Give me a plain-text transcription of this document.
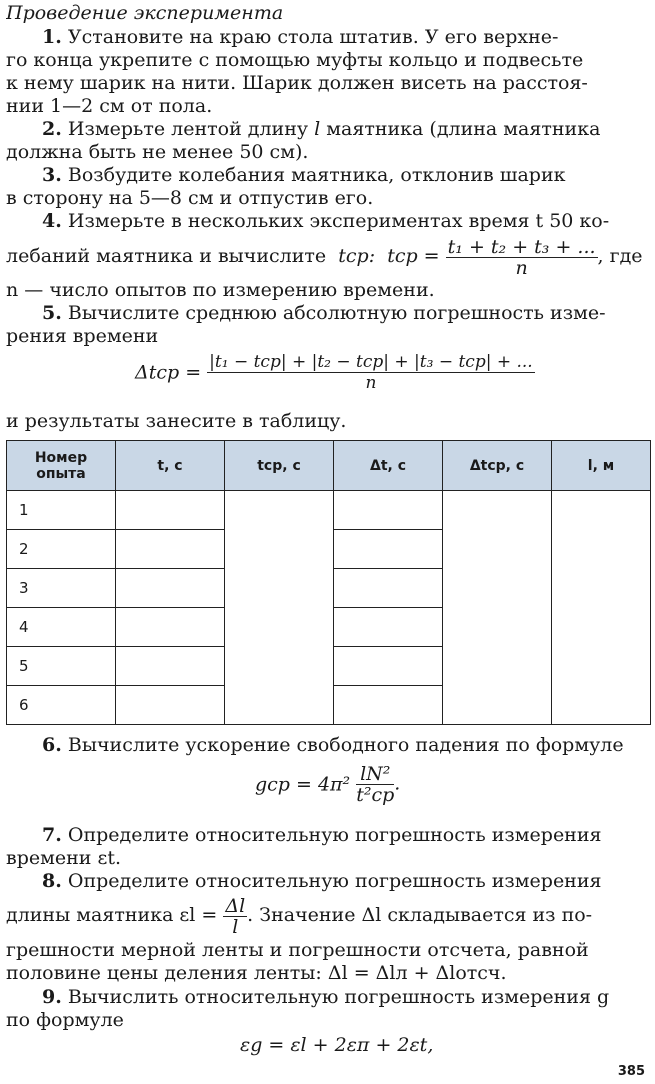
Проведение эксперимента
1. Установите на краю стола штатив. У его верхне-
го конца укрепите с помощью муфты кольцо и подвесьте
к нему шарик на нити. Шарик должен висеть на расстоя-
нии 1—2 см от пола.
2. Измерьте лентой длину l маятника (длина маятника
должна быть не менее 50 см).
3. Возбудите колебания маятника, отклонив шарик
в сторону на 5—8 см и отпустив его.
4. Измерьте в нескольких экспериментах время t 50 ко-
лебаний маятника и вычислите tср: tср = $\frac{\text{t₁ + t₂ + t₃ + ...}}{n}$ , где
n — число опытов по измерению времени.
5. Вычислите среднюю абсолютную погрешность изме-
рения времени
$\Delta tср = \frac{\text{|t₁ − tср| + |t₂ − tср| + |t₃ − tср| + ...}}{n}$
и результаты занесите в таблицу.
Номер опыта	t, с	tср, с	Δt, с	Δtср, с	l, м
1					
2					
3					
4					
5					
6					
6. Вычислите ускорение свободного падения по формуле
gср = $4\pi^2 \frac{\text{lN²}}{\text{t²ср}}$ .
7. Определите относительную погрешность измерения
времени εt.
8. Определите относительную погрешность измерения
длины маятника $\varepsilon l = \frac{\Delta l}{l}$ . Значение Δl складывается из по-
грешности мерной ленты и погрешности отсчета, равной
половине цены деления ленты: Δl = Δlл + Δlотсч.
9. Вычислить относительную погрешность измерения g
по формуле
εg = εl + 2επ + 2εt,
385
